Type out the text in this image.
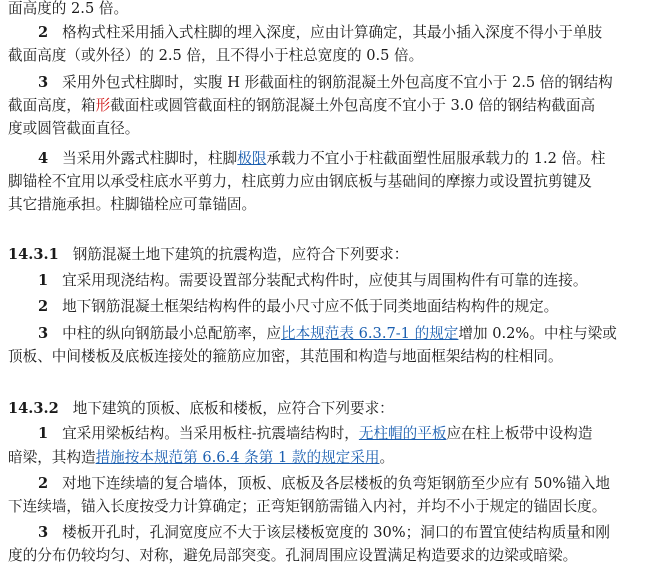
面高度的 2.5 倍。
2 格构式柱采用插入式柱脚的埋入深度，应由计算确定，其最小插入深度不得小于单肢
截面高度（或外径）的 2.5 倍，且不得小于柱总宽度的 0.5 倍。
3 采用外包式柱脚时，实腹 H 形截面柱的钢筋混凝土外包高度不宜小于 2.5 倍的钢结构
截面高度，箱形截面柱或圆管截面柱的钢筋混凝土外包高度不宜小于 3.0 倍的钢结构截面高
度或圆管截面直径。
4 当采用外露式柱脚时，柱脚极限承载力不宜小于柱截面塑性屈服承载力的 1.2 倍。柱
脚锚栓不宜用以承受柱底水平剪力，柱底剪力应由钢底板与基础间的摩擦力或设置抗剪键及
其它措施承担。柱脚锚栓应可靠锚固。
14.3.1 钢筋混凝土地下建筑的抗震构造，应符合下列要求：
1 宜采用现浇结构。需要设置部分装配式构件时，应使其与周围构件有可靠的连接。
2 地下钢筋混凝土框架结构构件的最小尺寸应不低于同类地面结构构件的规定。
3 中柱的纵向钢筋最小总配筋率，应比本规范表 6.3.7-1 的规定增加 0.2%。中柱与梁或
顶板、中间楼板及底板连接处的箍筋应加密，其范围和构造与地面框架结构的柱相同。
14.3.2 地下建筑的顶板、底板和楼板，应符合下列要求：
1 宜采用梁板结构。当采用板柱-抗震墙结构时，无柱帽的平板应在柱上板带中设构造
暗梁，其构造措施按本规范第 6.6.4 条第 1 款的规定采用。
2 对地下连续墙的复合墙体，顶板、底板及各层楼板的负弯矩钢筋至少应有 50%锚入地
下连续墙，锚入长度按受力计算确定；正弯矩钢筋需锚入内衬，并均不小于规定的锚固长度。
3 楼板开孔时，孔洞宽度应不大于该层楼板宽度的 30%；洞口的布置宜使结构质量和刚
度的分布仍较均匀、对称，避免局部突变。孔洞周围应设置满足构造要求的边梁或暗梁。
